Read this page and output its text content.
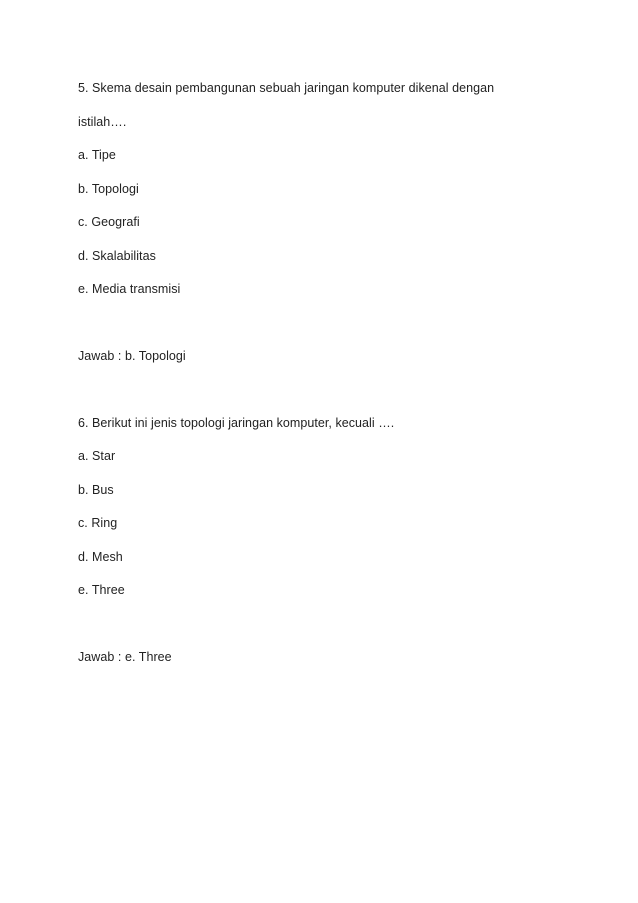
5. Skema desain pembangunan sebuah jaringan komputer dikenal dengan
istilah….
a. Tipe
b. Topologi
c. Geografi
d. Skalabilitas
e. Media transmisi
Jawab : b. Topologi
6. Berikut ini jenis topologi jaringan komputer, kecuali ….
a. Star
b. Bus
c. Ring
d. Mesh
e. Three
Jawab : e. Three
